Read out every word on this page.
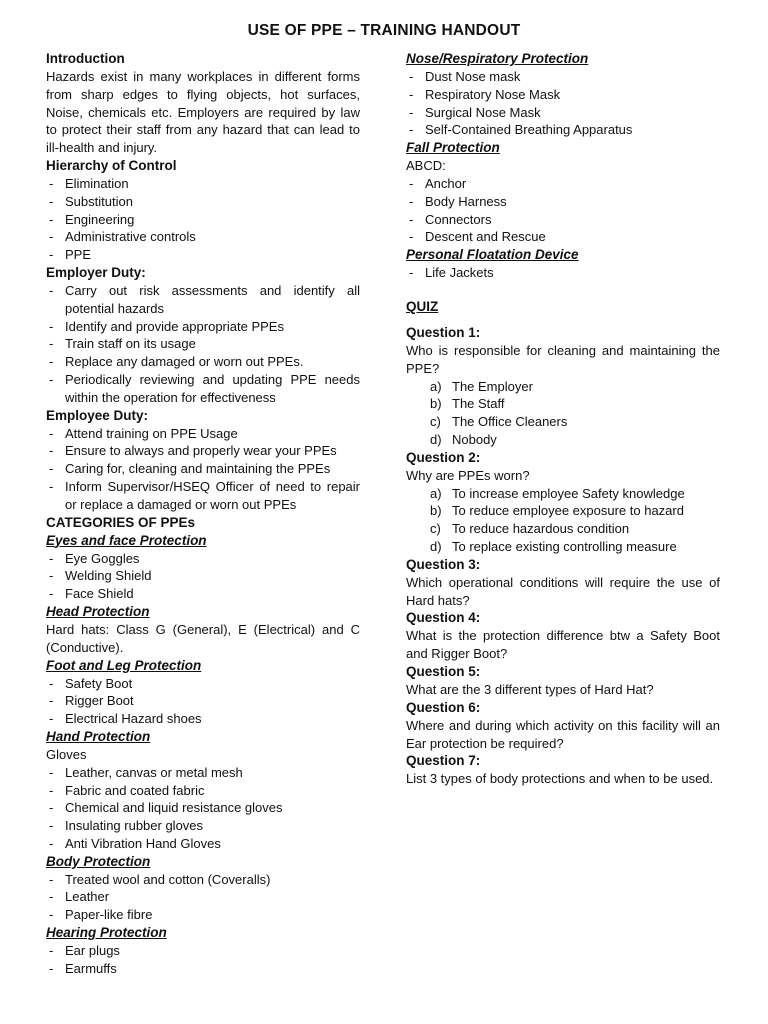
USE OF PPE – TRAINING HANDOUT
Introduction
Hazards exist in many workplaces in different forms from sharp edges to flying objects, hot surfaces, Noise, chemicals etc. Employers are required by law to protect their staff from any hazard that can lead to ill-health and injury.
Hierarchy of Control
- Elimination
- Substitution
- Engineering
- Administrative controls
- PPE
Employer Duty:
- Carry out risk assessments and identify all potential hazards
- Identify and provide appropriate PPEs
- Train staff on its usage
- Replace any damaged or worn out PPEs.
- Periodically reviewing and updating PPE needs within the operation for effectiveness
Employee Duty:
- Attend training on PPE Usage
- Ensure to always and properly wear your PPEs
- Caring for, cleaning and maintaining the PPEs
- Inform Supervisor/HSEQ Officer of need to repair or replace a damaged or worn out PPEs
CATEGORIES OF PPEs
Eyes and face Protection
- Eye Goggles
- Welding Shield
- Face Shield
Head Protection
Hard hats: Class G (General), E (Electrical) and C (Conductive).
Foot and Leg Protection
- Safety Boot
- Rigger Boot
- Electrical Hazard shoes
Hand Protection
Gloves
- Leather, canvas or metal mesh
- Fabric and coated fabric
- Chemical and liquid resistance gloves
- Insulating rubber gloves
- Anti Vibration Hand Gloves
Body Protection
- Treated wool and cotton (Coveralls)
- Leather
- Paper-like fibre
Hearing Protection
- Ear plugs
- Earmuffs
Nose/Respiratory Protection
- Dust Nose mask
- Respiratory Nose Mask
- Surgical Nose Mask
- Self-Contained Breathing Apparatus
Fall Protection
ABCD:
- Anchor
- Body Harness
- Connectors
- Descent and Rescue
Personal Floatation Device
- Life Jackets
QUIZ
Question 1:
Who is responsible for cleaning and maintaining the PPE?
a) The Employer
b) The Staff
c) The Office Cleaners
d) Nobody
Question 2:
Why are PPEs worn?
a) To increase employee Safety knowledge
b) To reduce employee exposure to hazard
c) To reduce hazardous condition
d) To replace existing controlling measure
Question 3:
Which operational conditions will require the use of Hard hats?
Question 4:
What is the protection difference btw a Safety Boot and Rigger Boot?
Question 5:
What are the 3 different types of Hard Hat?
Question 6:
Where and during which activity on this facility will an Ear protection be required?
Question 7:
List 3 types of body protections and when to be used.
